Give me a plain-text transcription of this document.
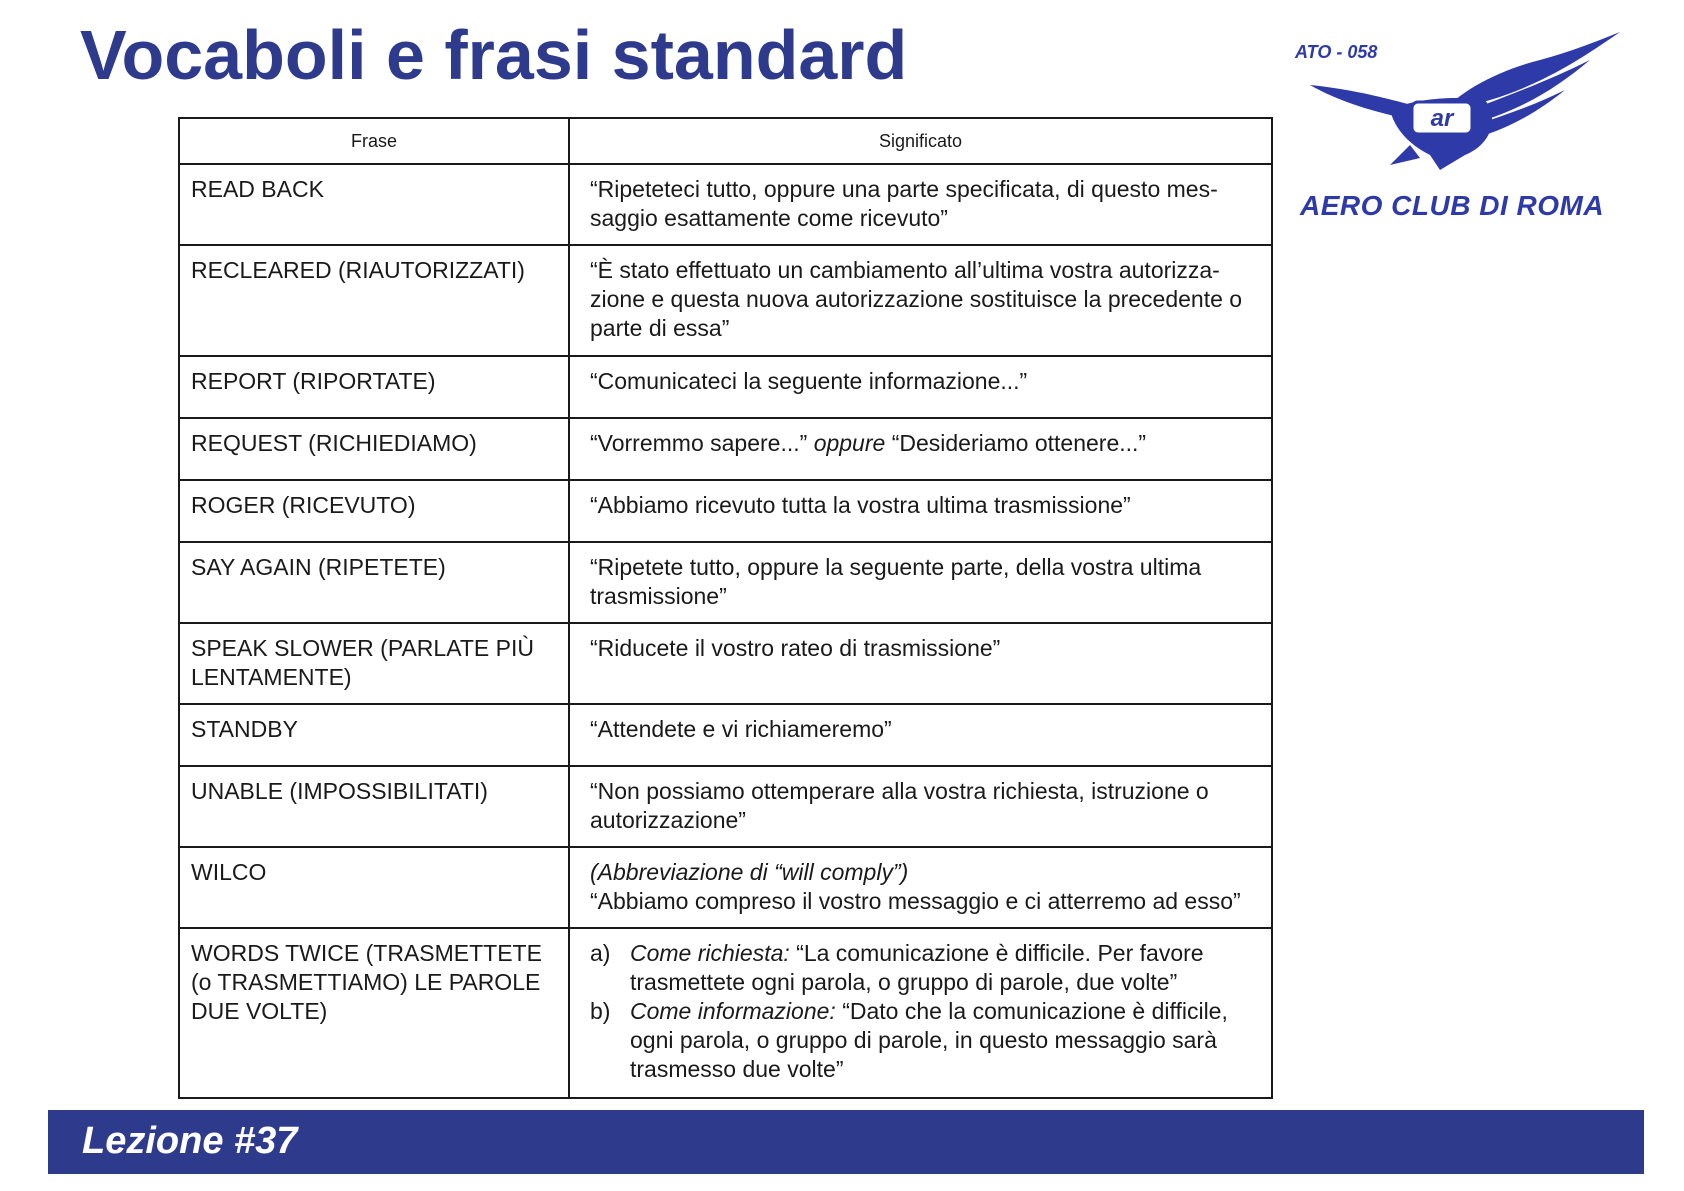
Vocaboli e frasi standard
ar
ATO - 058
AERO CLUB DI ROMA
Frase	Significato
READ BACK	“Ripeteteci tutto, oppure una parte specificata, di questo mes-saggio esattamente come ricevuto”
RECLEARED (RIAUTORIZZATI)	“È stato effettuato un cambiamento all’ultima vostra autorizza-zione e questa nuova autorizzazione sostituisce la precedente o parte di essa”
REPORT (RIPORTATE)	“Comunicateci la seguente informazione...”
REQUEST (RICHIEDIAMO)	“Vorremmo sapere...” oppure “Desideriamo ottenere...”
ROGER (RICEVUTO)	“Abbiamo ricevuto tutta la vostra ultima trasmissione”
SAY AGAIN (RIPETETE)	“Ripetete tutto, oppure la seguente parte, della vostra ultima trasmissione”
SPEAK SLOWER (PARLATE PIÙ LENTAMENTE)	“Riducete il vostro rateo di trasmissione”
STANDBY	“Attendete e vi richiameremo”
UNABLE (IMPOSSIBILITATI)	“Non possiamo ottemperare alla vostra richiesta, istruzione o autorizzazione”
WILCO	(Abbreviazione di “will comply”)
“Abbiamo compreso il vostro messaggio e ci atterremo ad esso”

WORDS TWICE (TRASMETTETE (o TRASMETTIAMO) LE PAROLE DUE VOLTE)	a) Come richiesta: “La comunicazione è difficile. Per favore trasmettete ogni parola, o gruppo di parole, due volte”
b) Come informazione: “Dato che la comunicazione è difficile, ogni parola, o gruppo di parole, in questo messaggio sarà trasmesso due volte”
Lezione #37
